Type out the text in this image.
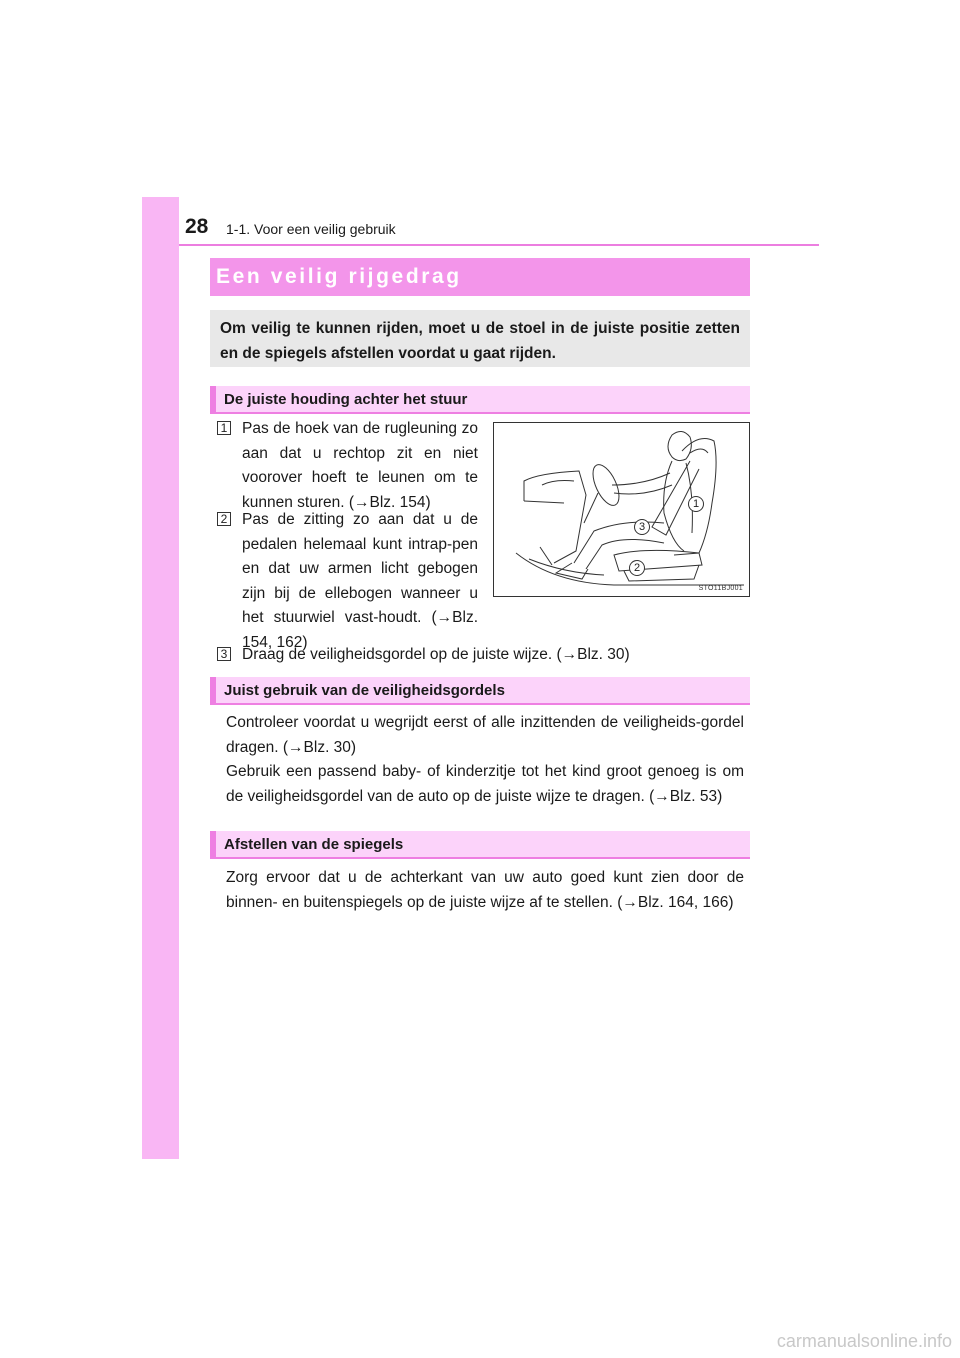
28 1-1. Voor een veilig gebruik
Een veilig rijgedrag
Om veilig te kunnen rijden, moet u de stoel in de juiste positie zetten en de spiegels afstellen voordat u gaat rijden.
De juiste houding achter het stuur
1 Pas de hoek van de rugleuning zo aan dat u rechtop zit en niet voorover hoeft te leunen om te kunnen sturen. (→Blz. 154)

2 Pas de zitting zo aan dat u de pedalen helemaal kunt intrap-pen en dat uw armen licht gebogen zijn bij de ellebogen wanneer u het stuurwiel vast-houdt. (→Blz. 154, 162)

3 Draag de veiligheidsgordel op de juiste wijze. (→Blz. 30)

1
2
3
STO11BJ001
Juist gebruik van de veiligheidsgordels

Controleer voordat u wegrijdt eerst of alle inzittenden de veiligheids-gordel dragen. (→Blz. 30)

Gebruik een passend baby- of kinderzitje tot het kind groot genoeg is om de veiligheidsgordel van de auto op de juiste wijze te dragen. (→Blz. 53)

Afstellen van de spiegels

Zorg ervoor dat u de achterkant van uw auto goed kunt zien door de binnen- en buitenspiegels op de juiste wijze af te stellen. (→Blz. 164, 166)

carmanualsonline.info
